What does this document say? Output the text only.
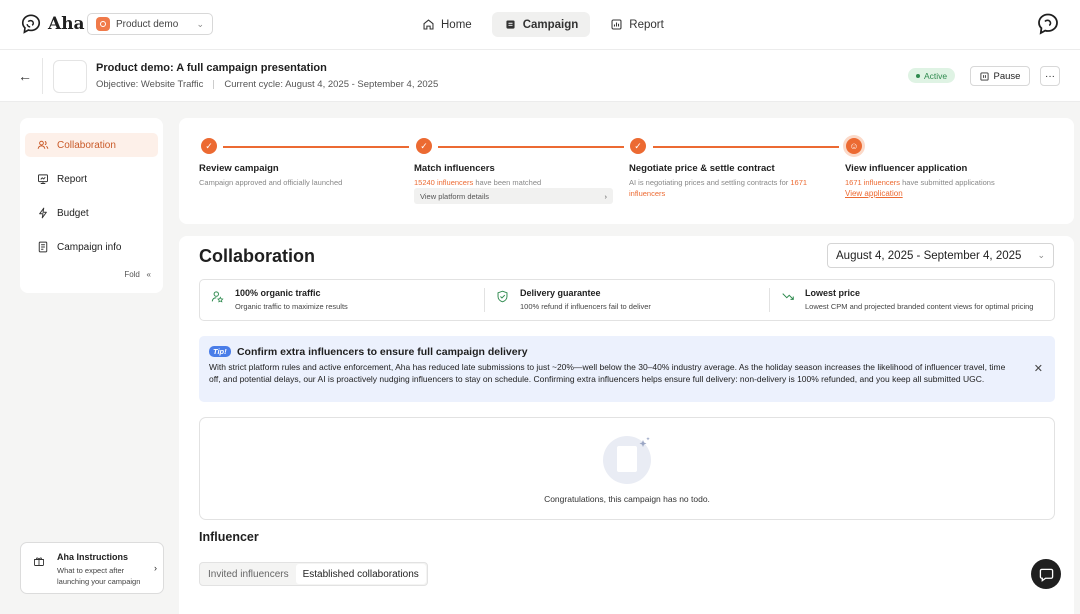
Aha	Product demo ⌄	Home	Campaign	Report
←	Product demo: A full campaign presentation
Objective: Website Traffic Current cycle: August 4, 2025 - September 4, 2025
Active	Pause ···
Collaboration
Report
Budget
Campaign info
Fold «
Aha Instructions
What to expect after launching your campaign
›
✓	✓	✓	☺
Review campaign
Campaign approved and officially launched
Match influencers
15240 influencers have been matched
View platform details	›
Negotiate price & settle contract
AI is negotiating prices and settling contracts for 1671 influencers
View influencer application
1671 influencers have submitted applications
View application
Collaboration	August 4, 2025 - September 4, 2025 ⌄
100% organic traffic
Organic traffic to maximize results
Delivery guarantee
100% refund if influencers fail to deliver
Lowest price
Lowest CPM and projected branded content views for optimal pricing
Tip! Confirm extra influencers to ensure full campaign delivery
With strict platform rules and active enforcement, Aha has reduced late submissions to just ~20%—well below the 30–40% industry average. As the holiday season increases the likelihood of influencer travel, time off, and potential delays, our AI is proactively nudging influencers to stay on schedule. Confirming extra influencers helps ensure full delivery: non-delivery is 100% refunded, and you keep all submitted UGC.
✕
Congratulations, this campaign has no todo.
Influencer
Invited influencers	Established collaborations
